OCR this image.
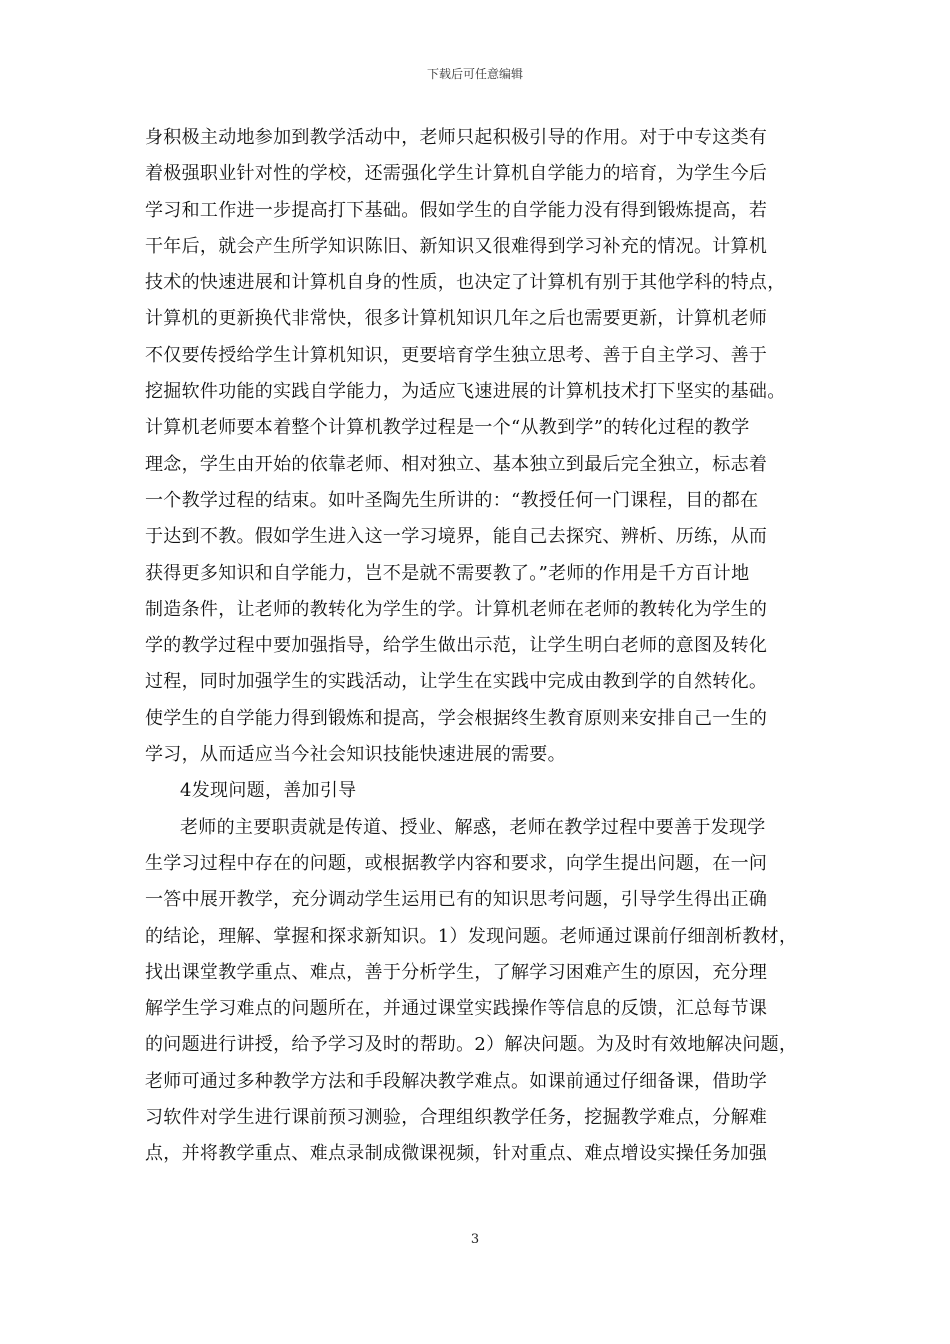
下载后可任意编辑
身积极主动地参加到教学活动中，老师只起积极引导的作用。对于中专这类有
着极强职业针对性的学校，还需强化学生计算机自学能力的培育，为学生今后
学习和工作进一步提高打下基础。假如学生的自学能力没有得到锻炼提高，若
干年后，就会产生所学知识陈旧、新知识又很难得到学习补充的情况。计算机
技术的快速进展和计算机自身的性质，也决定了计算机有别于其他学科的特点，
计算机的更新换代非常快，很多计算机知识几年之后也需要更新，计算机老师
不仅要传授给学生计算机知识，更要培育学生独立思考、善于自主学习、善于
挖掘软件功能的实践自学能力，为适应飞速进展的计算机技术打下坚实的基础。
计算机老师要本着整个计算机教学过程是一个“从教到学”的转化过程的教学
理念，学生由开始的依靠老师、相对独立、基本独立到最后完全独立，标志着
一个教学过程的结束。如叶圣陶先生所讲的：“教授任何一门课程，目的都在
于达到不教。假如学生进入这一学习境界，能自己去探究、辨析、历练，从而
获得更多知识和自学能力，岂不是就不需要教了。”老师的作用是千方百计地
制造条件，让老师的教转化为学生的学。计算机老师在老师的教转化为学生的
学的教学过程中要加强指导，给学生做出示范，让学生明白老师的意图及转化
过程，同时加强学生的实践活动，让学生在实践中完成由教到学的自然转化。
使学生的自学能力得到锻炼和提高，学会根据终生教育原则来安排自己一生的
学习，从而适应当今社会知识技能快速进展的需要。
4发现问题，善加引导
老师的主要职责就是传道、授业、解惑，老师在教学过程中要善于发现学
生学习过程中存在的问题，或根据教学内容和要求，向学生提出问题，在一问
一答中展开教学，充分调动学生运用已有的知识思考问题，引导学生得出正确
的结论，理解、掌握和探求新知识。1）发现问题。老师通过课前仔细剖析教材，
找出课堂教学重点、难点，善于分析学生，了解学习困难产生的原因，充分理
解学生学习难点的问题所在，并通过课堂实践操作等信息的反馈，汇总每节课
的问题进行讲授，给予学习及时的帮助。2）解决问题。为及时有效地解决问题，
老师可通过多种教学方法和手段解决教学难点。如课前通过仔细备课，借助学
习软件对学生进行课前预习测验，合理组织教学任务，挖掘教学难点，分解难
点，并将教学重点、难点录制成微课视频，针对重点、难点增设实操任务加强
3
